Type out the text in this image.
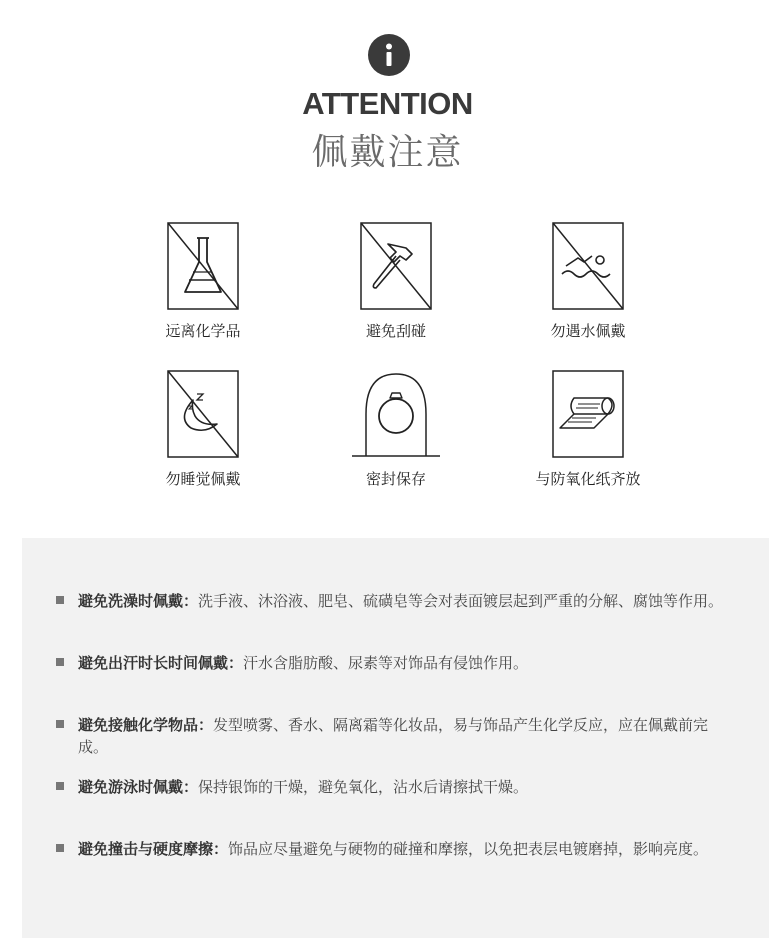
ATTENTION
佩戴注意
远离化学品	避免刮碰	勿遇水佩戴
勿睡觉佩戴	密封保存	与防氧化纸齐放
避免洗澡时佩戴：洗手液、沐浴液、肥皂、硫磺皂等会对表面镀层起到严重的分解、腐蚀等作用。
避免出汗时长时间佩戴：汗水含脂肪酸、尿素等对饰品有侵蚀作用。
避免接触化学物品：发型喷雾、香水、隔离霜等化妆品，易与饰品产生化学反应，应在佩戴前完成。
避免游泳时佩戴：保持银饰的干燥，避免氧化，沾水后请擦拭干燥。
避免撞击与硬度摩擦：饰品应尽量避免与硬物的碰撞和摩擦，以免把表层电镀磨掉，影响亮度。
